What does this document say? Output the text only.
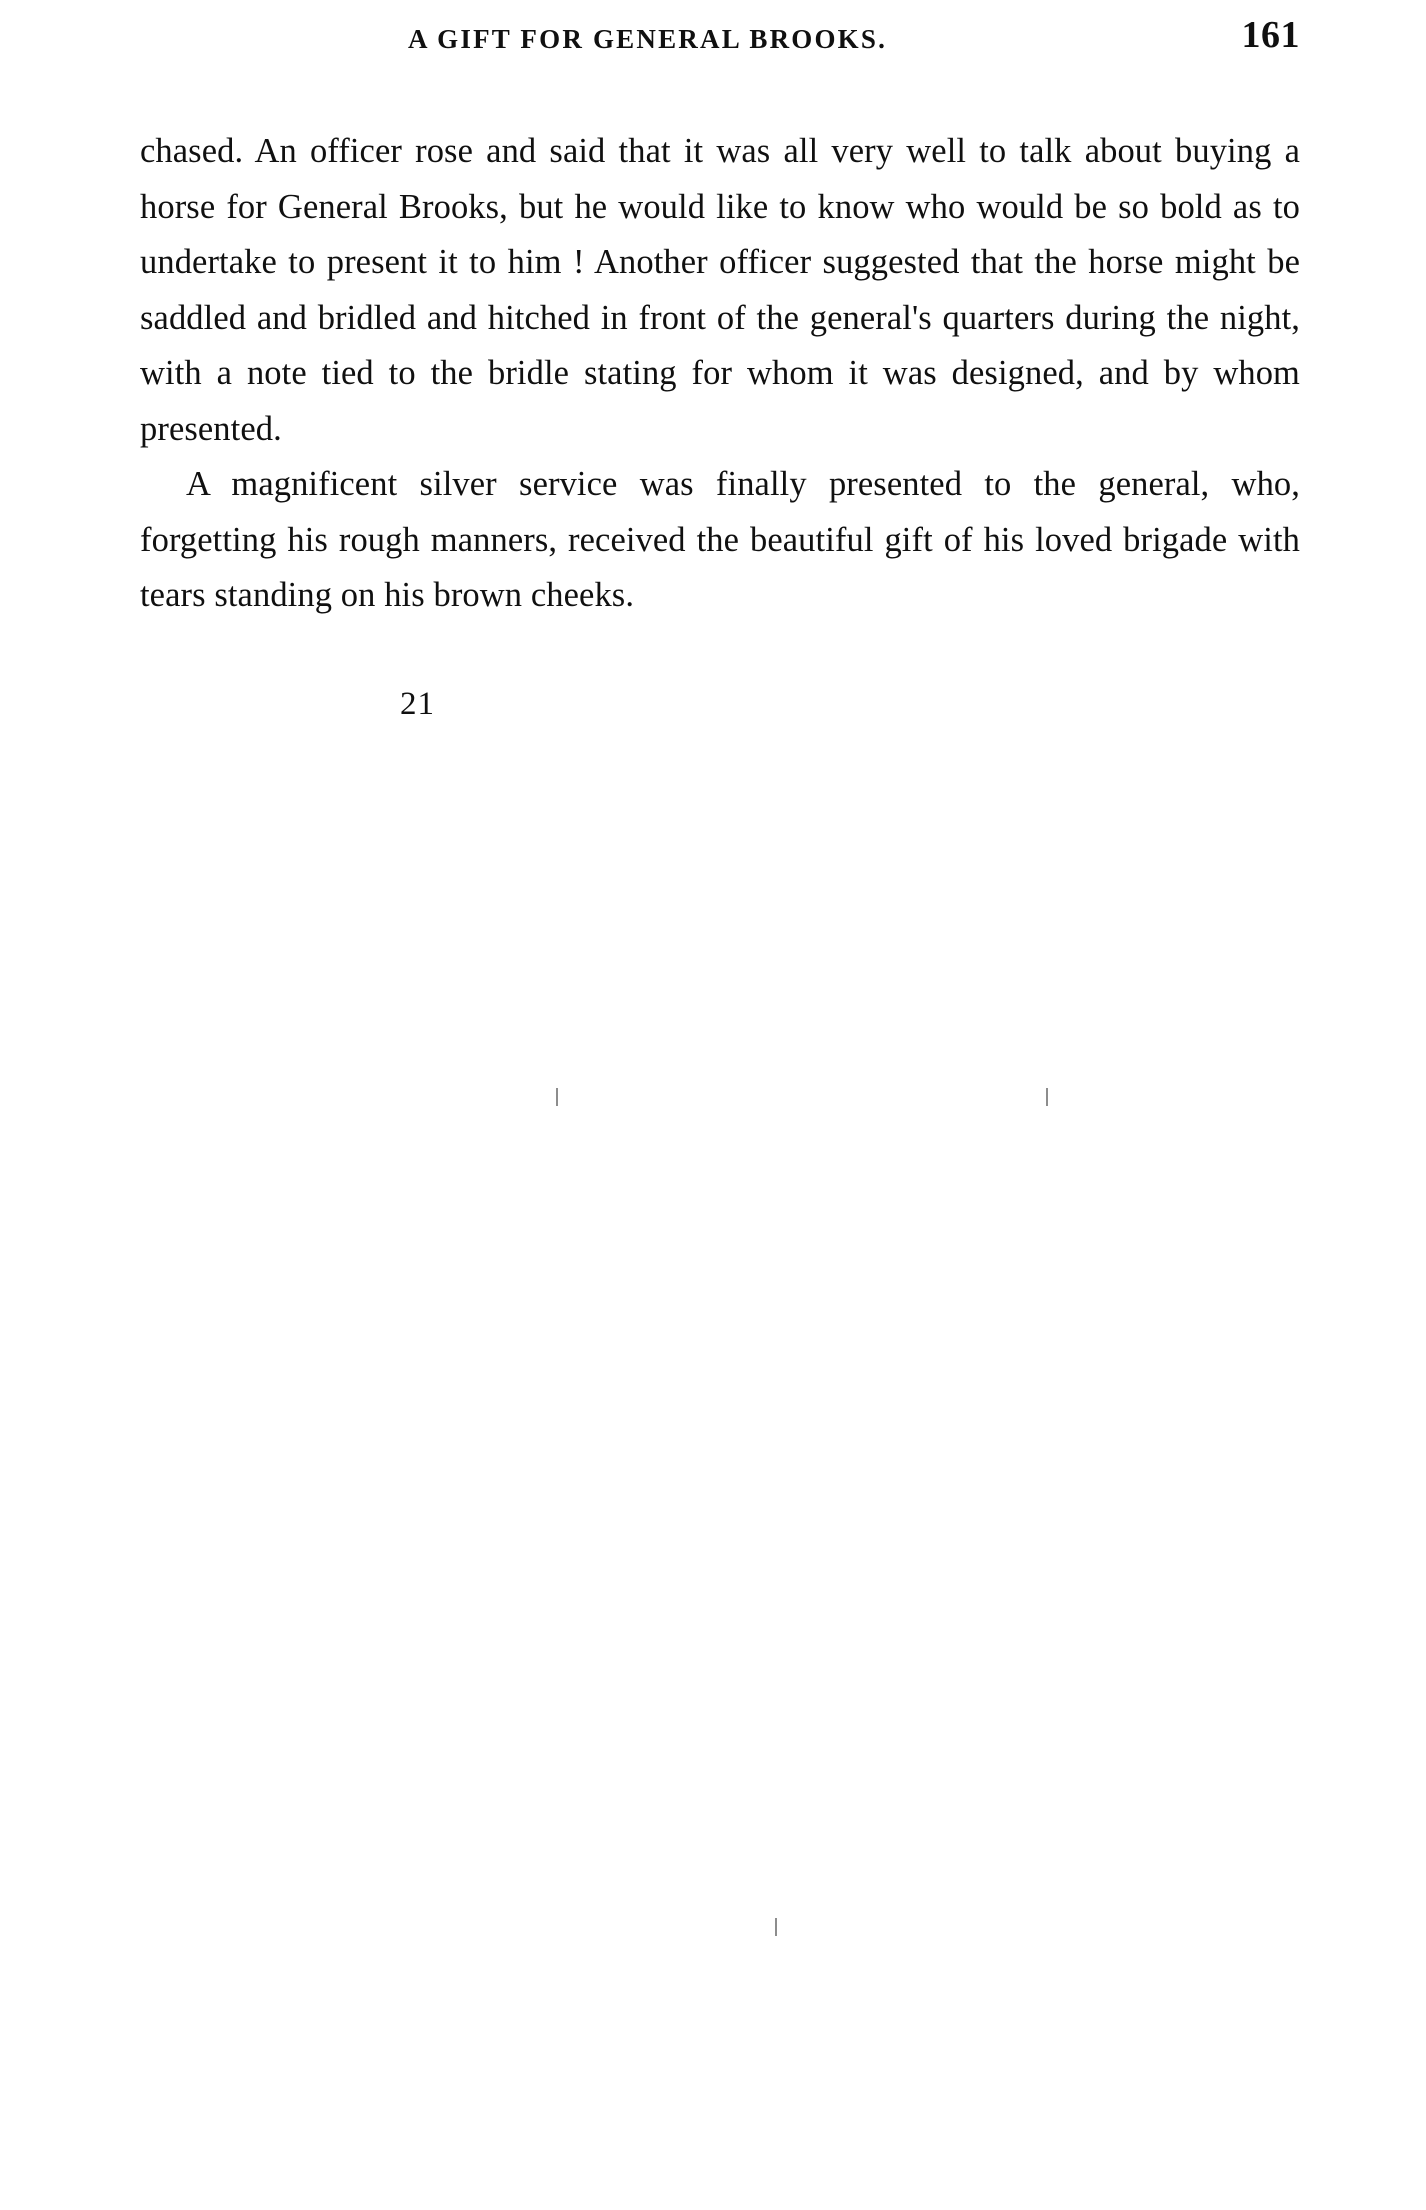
A GIFT FOR GENERAL BROOKS.	161

chased. An officer rose and said that it was all very well to talk about buying a horse for General Brooks, but he would like to know who would be so bold as to undertake to present it to him ! Another officer suggested that the horse might be saddled and bridled and hitched in front of the general's quarters during the night, with a note tied to the bridle stating for whom it was designed, and by whom presented.

A magnificent silver service was finally presented to the general, who, forgetting his rough manners, received the beautiful gift of his loved brigade with tears standing on his brown cheeks.

21
